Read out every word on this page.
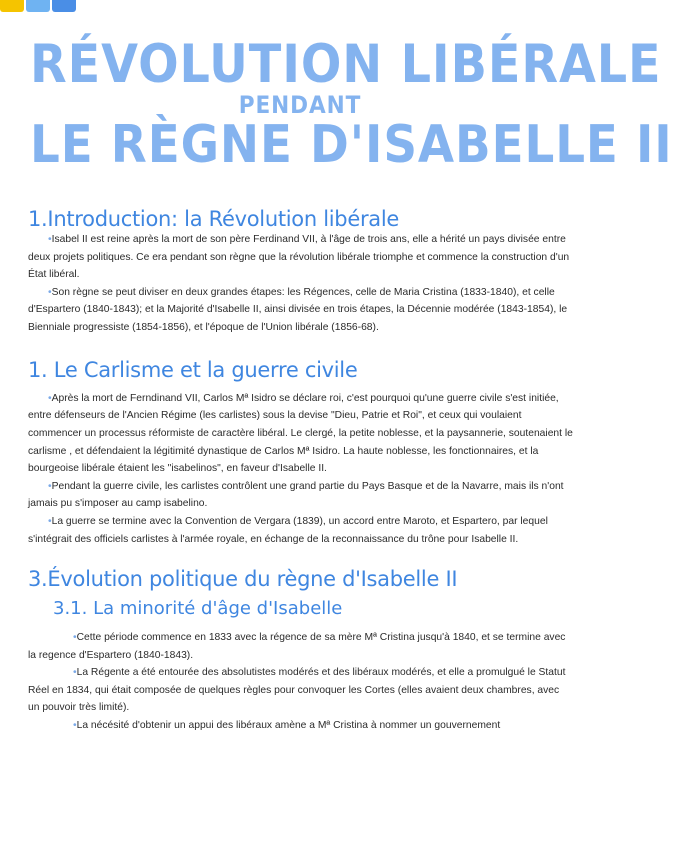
RÉVOLUTION LIBÉRALE
PENDANT
LE RÈGNE D'ISABELLE II
1.Introduction: la Révolution libérale

•Isabel II est reine après la mort de son père Ferdinand VII, à l'âge de trois ans, elle a hérité un pays divisée entre deux projets politiques. Ce era pendant son règne que la révolution libérale triomphe et commence la construction d'un État libéral.

•Son règne se peut diviser en deux grandes étapes: les Régences, celle de Maria Cristina (1833-1840), et celle d'Espartero (1840-1843); et la Majorité d'Isabelle II, ainsi divisée en trois étapes, la Décennie modérée (1843-1854), le Bienniale progressiste (1854-1856), et l'époque de l'Union libérale (1856-68).

1. Le Carlisme et la guerre civile

•Après la mort de Ferndinand VII, Carlos Mª Isidro se déclare roi, c'est pourquoi qu'une guerre civile s'est initiée, entre défenseurs de l'Ancien Régime (les carlistes) sous la devise "Dieu, Patrie et Roi", et ceux qui voulaient commencer un processus réformiste de caractère libéral. Le clergé, la petite noblesse, et la paysannerie, soutenaient le carlisme , et défendaient la légitimité dynastique de Carlos Mª Isidro. La haute noblesse, les fonctionnaires, et la bourgeoise libérale étaient les "isabelinos", en faveur d'Isabelle II.

•Pendant la guerre civile, les carlistes contrôlent une grand partie du Pays Basque et de la Navarre, mais ils n'ont jamais pu s'imposer au camp isabelino.

•La guerre se termine avec la Convention de Vergara (1839), un accord entre Maroto, et Espartero, par lequel s'intégrait des officiels carlistes à l'armée royale, en échange de la reconnaissance du trône pour Isabelle II.

3.Évolution politique du règne d'Isabelle II
3.1. La minorité d'âge d'Isabelle

•Cette période commence en 1833 avec la régence de sa mère Mª Cristina jusqu'à 1840, et se termine avec la regence d'Espartero (1840-1843).

•La Régente a été entourée des absolutistes modérés et des libéraux modérés, et elle a promulgué le Statut Réel en 1834, qui était composée de quelques règles pour convoquer les Cortes (elles avaient deux chambres, avec un pouvoir très limité).

•La nécésité d'obtenir un appui des libéraux amène a Mª Cristina à nommer un gouvernement
